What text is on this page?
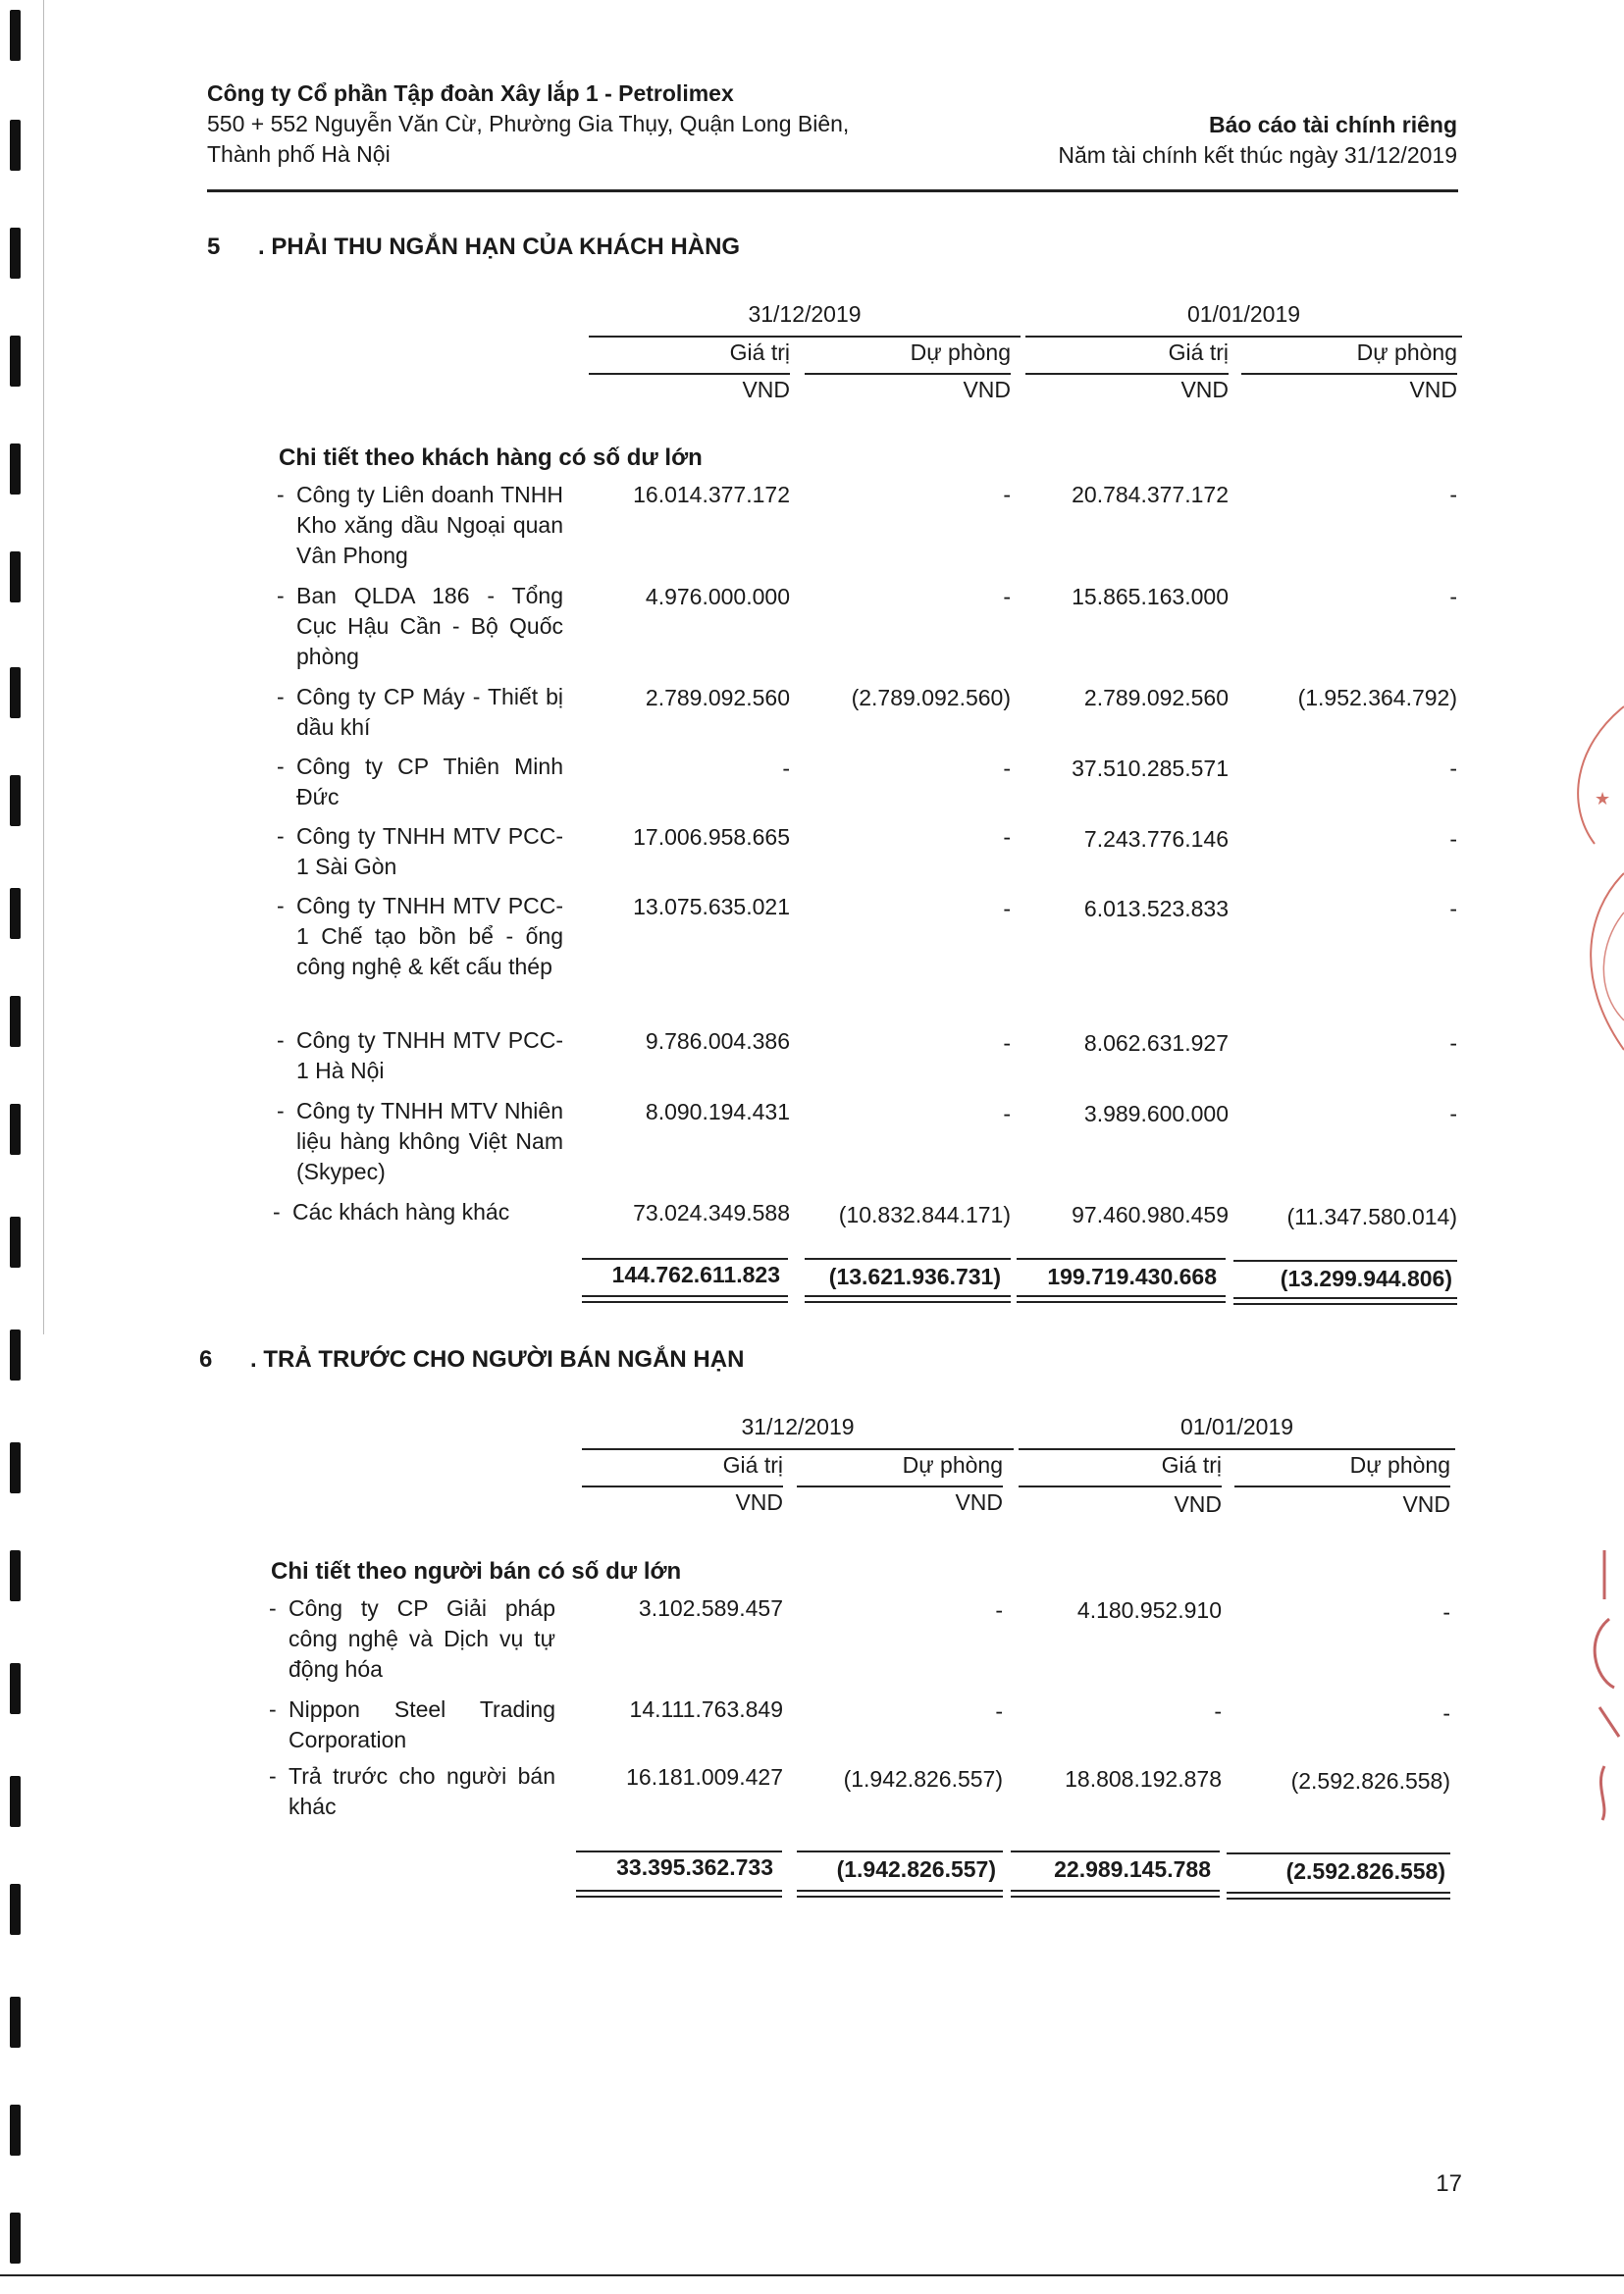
Công ty Cổ phần Tập đoàn Xây lắp 1 - Petrolimex
550 + 552 Nguyễn Văn Cừ, Phường Gia Thụy, Quận Long Biên,
Thành phố Hà Nội
Báo cáo tài chính riêng
Năm tài chính kết thúc ngày 31/12/2019
5 . PHẢI THU NGẮN HẠN CỦA KHÁCH HÀNG
31/12/2019	01/01/2019
Giá trị	Dự phòng	Giá trị	Dự phòng
VND	VND	VND	VND
Chi tiết theo khách hàng có số dư lớn
- Công ty Liên doanh TNHH Kho xăng dầu Ngoại quan Vân Phong
16.014.377.172	-	20.784.377.172	-
- Ban QLDA 186 - Tổng Cục Hậu Cần - Bộ Quốc phòng
4.976.000.000	-	15.865.163.000	-
- Công ty CP Máy - Thiết bị dầu khí
2.789.092.560	(2.789.092.560)	2.789.092.560	(1.952.364.792)
- Công ty CP Thiên Minh Đức
-	-	37.510.285.571	-
- Công ty TNHH MTV PCC-1 Sài Gòn
17.006.958.665	-	7.243.776.146	-
- Công ty TNHH MTV PCC-1 Chế tạo bồn bể - ống công nghệ & kết cấu thép
13.075.635.021	-	6.013.523.833	-
- Công ty TNHH MTV PCC-1 Hà Nội
9.786.004.386	-	8.062.631.927	-
- Công ty TNHH MTV Nhiên liệu hàng không Việt Nam (Skypec)
8.090.194.431	-	3.989.600.000	-
- Các khách hàng khác	73.024.349.588	(10.832.844.171)	97.460.980.459	(11.347.580.014)
144.762.611.823	(13.621.936.731)	199.719.430.668	(13.299.944.806)
6 . TRẢ TRƯỚC CHO NGƯỜI BÁN NGẮN HẠN
31/12/2019	01/01/2019
Giá trị	Dự phòng	Giá trị	Dự phòng
VND	VND	VND	VND
Chi tiết theo người bán có số dư lớn
- Công ty CP Giải pháp công nghệ và Dịch vụ tự động hóa
3.102.589.457	-	4.180.952.910	-
- Nippon Steel Trading Corporation
14.111.763.849	-	-	-
- Trả trước cho người bán khác
16.181.009.427	(1.942.826.557)	18.808.192.878	(2.592.826.558)
33.395.362.733	(1.942.826.557)	22.989.145.788	(2.592.826.558)
★
17
